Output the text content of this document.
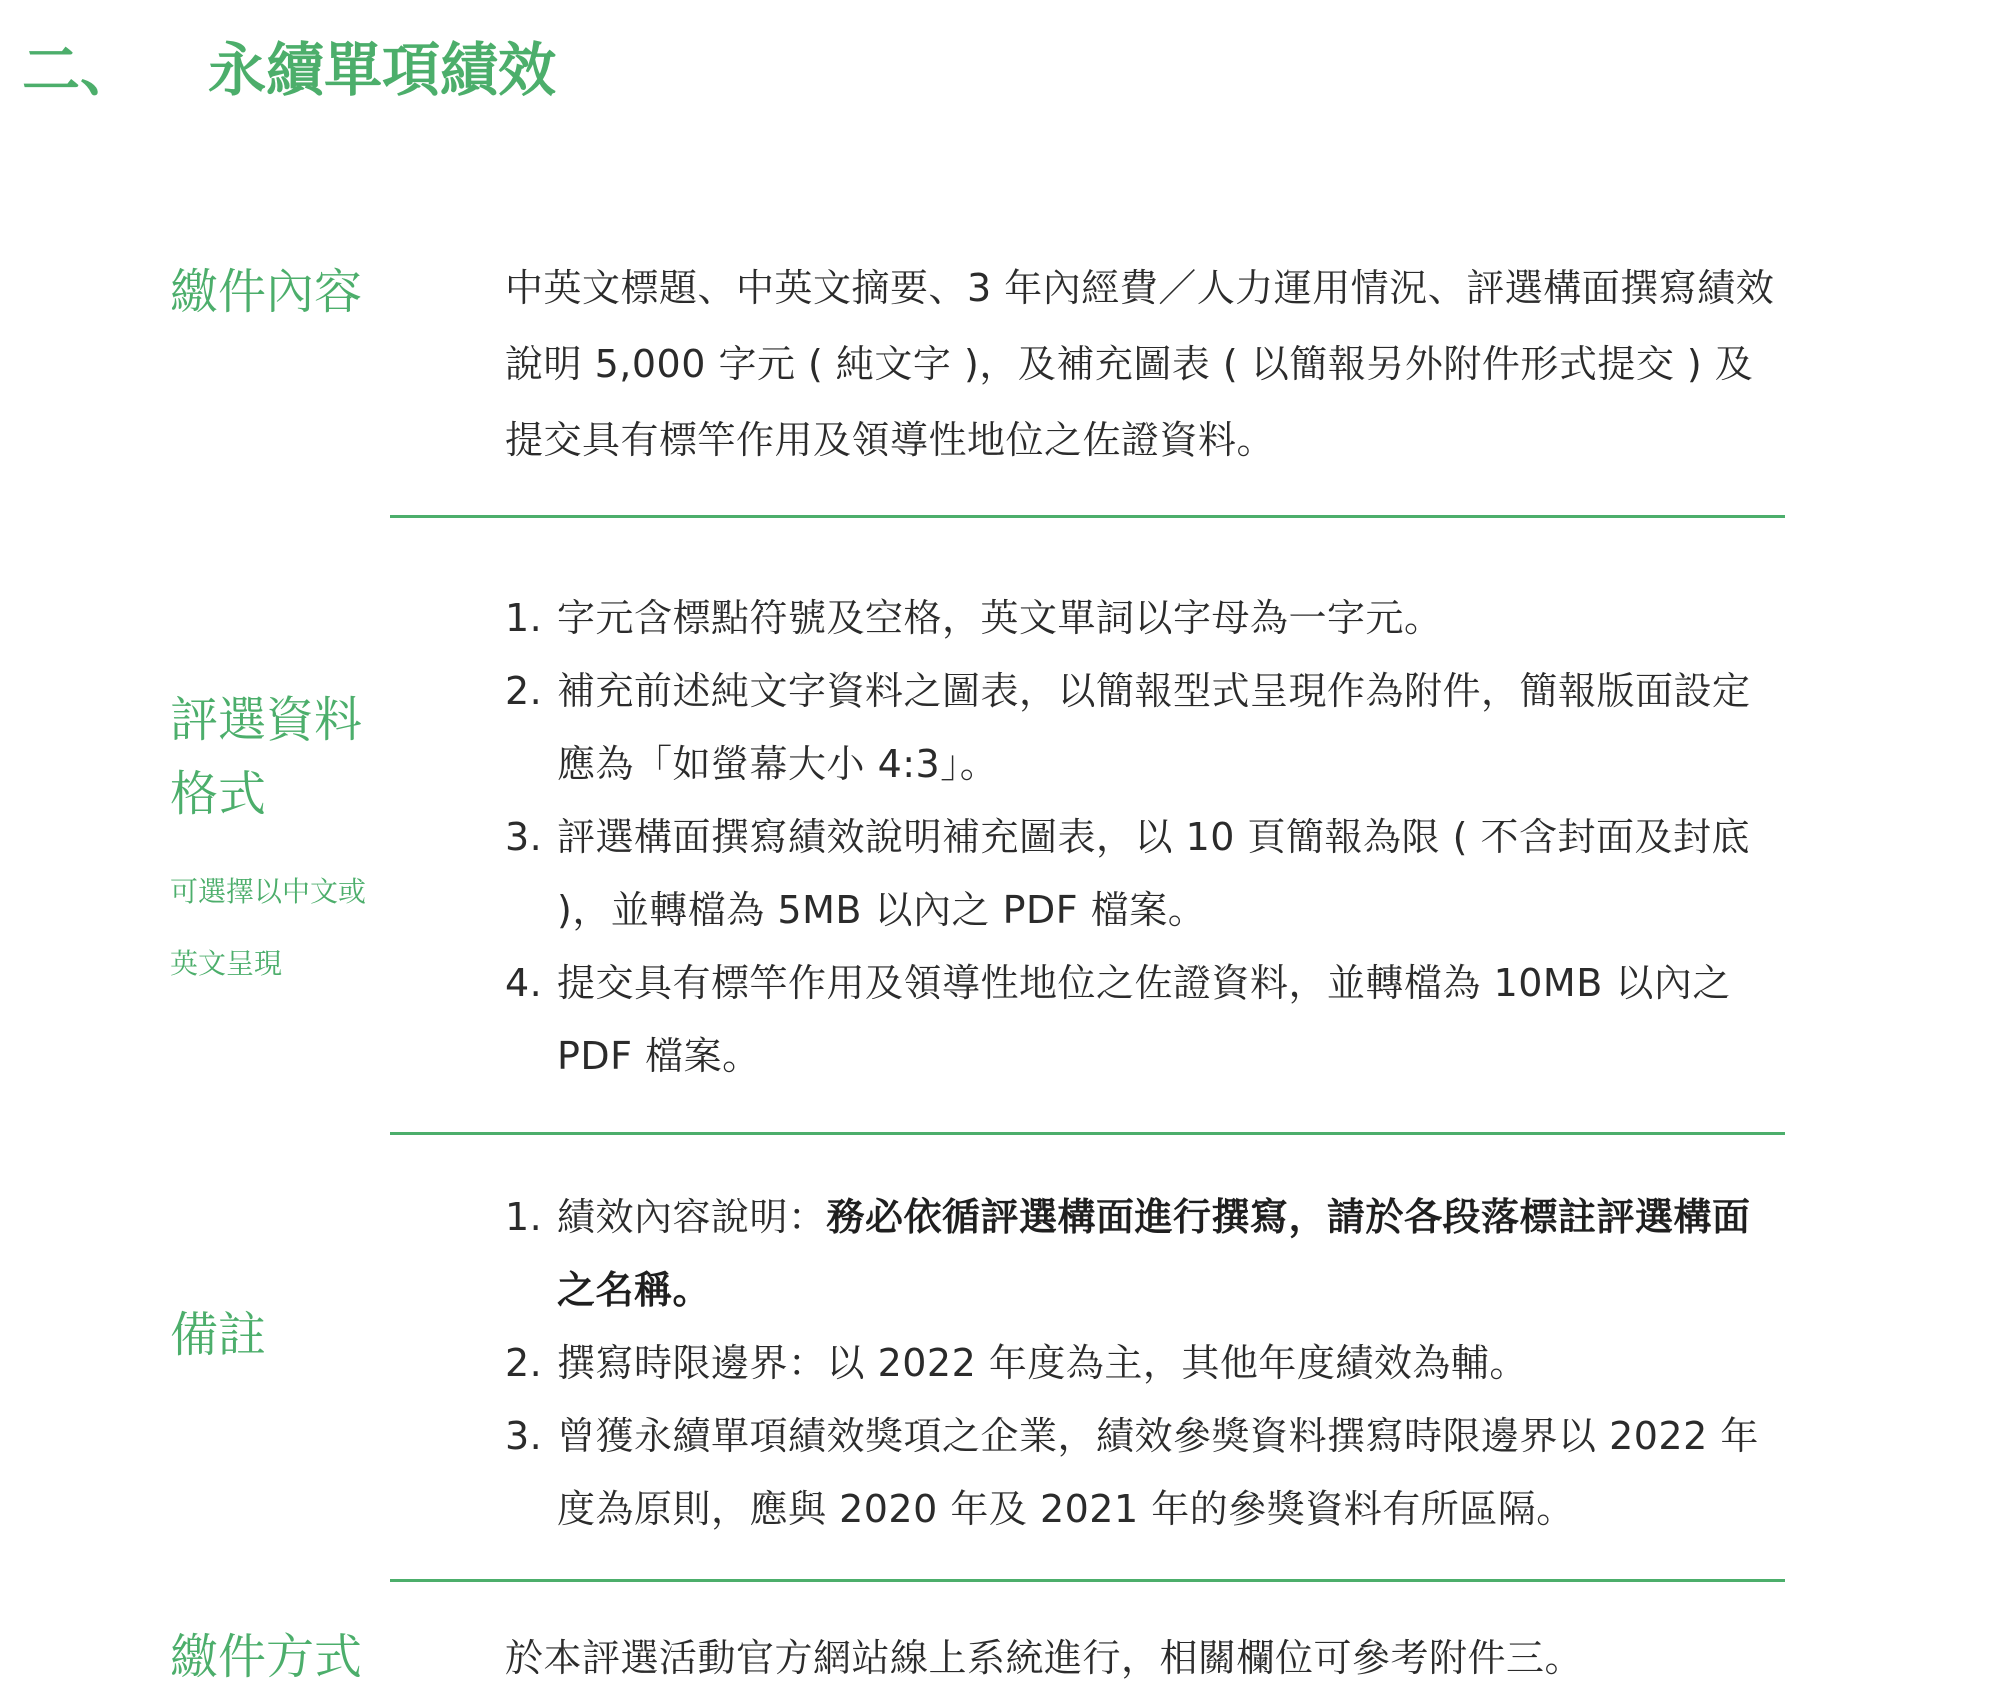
二、 永續單項績效
繳件內容	中英文標題、中英文摘要、3 年內經費／人力運用情況、評選構面撰寫績效說明 5,000 字元 ( 純文字 )，及補充圖表 ( 以簡報另外附件形式提交 ) 及提交具有標竿作用及領導性地位之佐證資料。

評選資料
格式
可選擇以中文或
英文呈現
1. 字元含標點符號及空格，英文單詞以字母為一字元。
2. 補充前述純文字資料之圖表，以簡報型式呈現作為附件，簡報版面設定應為「如螢幕大小 4:3」。
3. 評選構面撰寫績效說明補充圖表，以 10 頁簡報為限 ( 不含封面及封底 )，並轉檔為 5MB 以內之 PDF 檔案。
4. 提交具有標竿作用及領導性地位之佐證資料，並轉檔為 10MB 以內之 PDF 檔案。
備註
1. 績效內容說明：務必依循評選構面進行撰寫，請於各段落標註評選構面之名稱。
2. 撰寫時限邊界：以 2022 年度為主，其他年度績效為輔。
3. 曾獲永續單項績效獎項之企業，績效參獎資料撰寫時限邊界以 2022 年度為原則，應與 2020 年及 2021 年的參獎資料有所區隔。
繳件方式	於本評選活動官方網站線上系統進行，相關欄位可參考附件三。
